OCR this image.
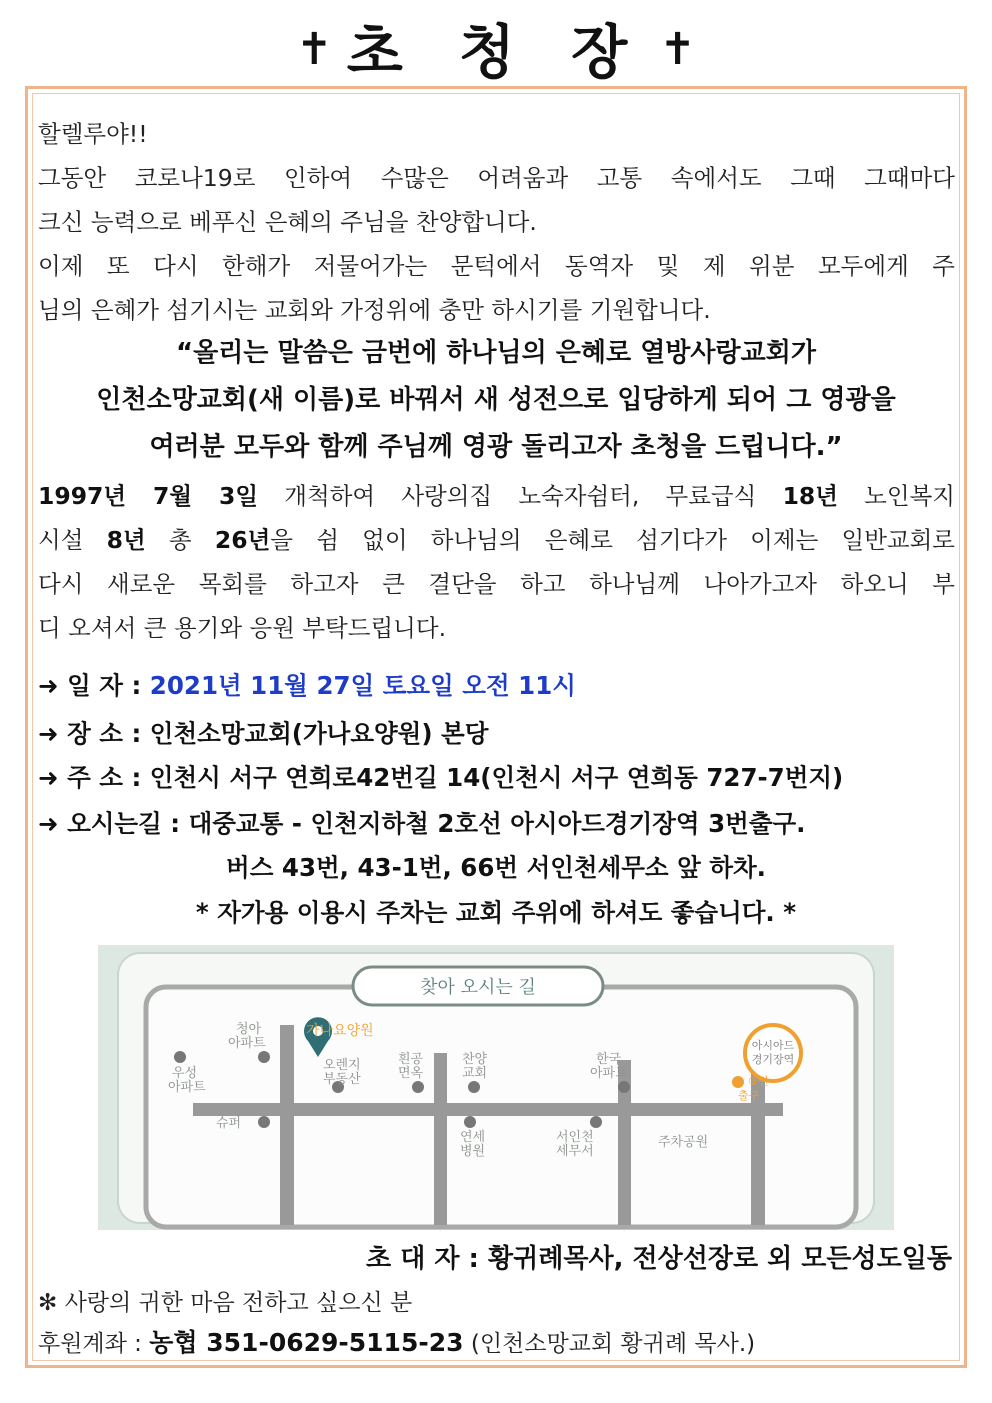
✝ 초 청 장 ✝
할렐루야!!
그동안 코로나19로 인하여 수많은 어려움과 고통 속에서도 그때 그때마다
크신 능력으로 베푸신 은혜의 주님을 찬양합니다.
이제 또 다시 한해가 저물어가는 문턱에서 동역자 및 제 위분 모두에게 주
님의 은혜가 섬기시는 교회와 가정위에 충만 하시기를 기원합니다.
“올리는 말씀은 금번에 하나님의 은혜로 열방사랑교회가
인천소망교회(새 이름)로 바꿔서 새 성전으로 입당하게 되어 그 영광을
여러분 모두와 함께 주님께 영광 돌리고자 초청을 드립니다.”
1997년 7월 3일 개척하여 사랑의집 노숙자쉼터, 무료급식 18년 노인복지
시설 8년 총 26년을 쉼 없이 하나님의 은혜로 섬기다가 이제는 일반교회로
다시 새로운 목회를 하고자 큰 결단을 하고 하나님께 나아가고자 하오니 부
디 오셔서 큰 용기와 응원 부탁드립니다.
➜ 일 자 : 2021년 11월 27일 토요일 오전 11시
➜ 장 소 : 인천소망교회(가나요양원) 본당
➜ 주 소 : 인천시 서구 연희로42번길 14(인천시 서구 연희동 727-7번지)
➜ 오시는길 : 대중교통 - 인천지하철 2호선 아시아드경기장역 3번출구.
버스 43번, 43-1번, 66번 서인천세무소 앞 하차.
* 자가용 이용시 주차는 교회 주위에 하셔도 좋습니다. *
찾아 오시는 길
가나요양원
청아
아파트
우성
아파트
오렌지
부동산
흰공
면옥
찬양
교회
한국
아파트
아시아드
경기장역
③번
출구
슈퍼
연세
병원
서인천
세무서
주차공원
초 대 자 : 황귀례목사, 전상선장로 외 모든성도일동
✻ 사랑의 귀한 마음 전하고 싶으신 분
후원계좌 : 농협 351-0629-5115-23 (인천소망교회 황귀례 목사.)
